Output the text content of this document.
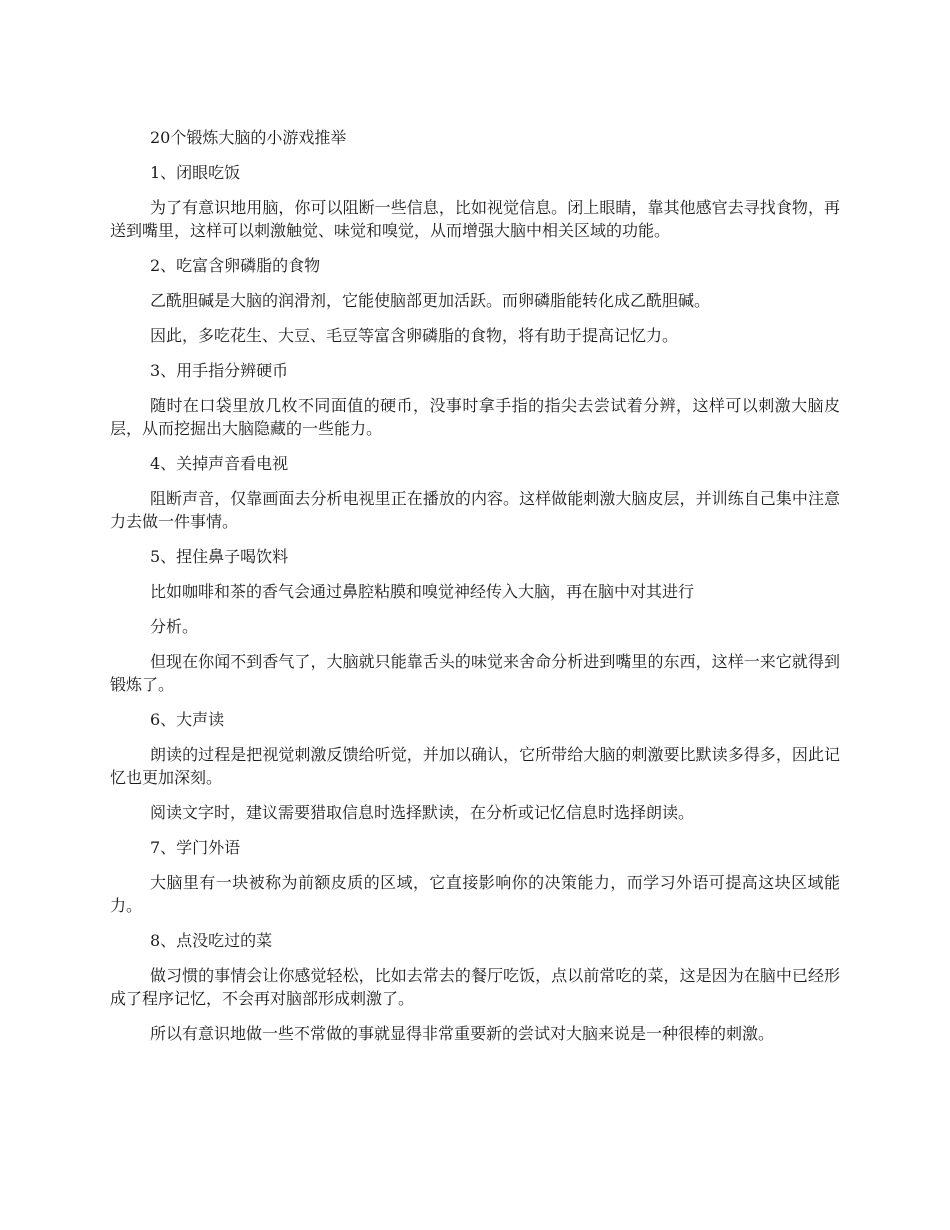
20个锻炼大脑的小游戏推举
1、闭眼吃饭
为了有意识地用脑，你可以阻断一些信息，比如视觉信息。闭上眼睛，靠其他感官去寻找食物，再送到嘴里，这样可以刺激触觉、味觉和嗅觉，从而增强大脑中相关区域的功能。
2、吃富含卵磷脂的食物
乙酰胆碱是大脑的润滑剂，它能使脑部更加活跃。而卵磷脂能转化成乙酰胆碱。
因此，多吃花生、大豆、毛豆等富含卵磷脂的食物，将有助于提高记忆力。
3、用手指分辨硬币
随时在口袋里放几枚不同面值的硬币，没事时拿手指的指尖去尝试着分辨，这样可以刺激大脑皮层，从而挖掘出大脑隐藏的一些能力。
4、关掉声音看电视
阻断声音，仅靠画面去分析电视里正在播放的内容。这样做能刺激大脑皮层，并训练自己集中注意力去做一件事情。
5、捏住鼻子喝饮料
比如咖啡和茶的香气会通过鼻腔粘膜和嗅觉神经传入大脑，再在脑中对其进行
分析。
但现在你闻不到香气了，大脑就只能靠舌头的味觉来舍命分析进到嘴里的东西，这样一来它就得到锻炼了。
6、大声读
朗读的过程是把视觉刺激反馈给听觉，并加以确认，它所带给大脑的刺激要比默读多得多，因此记忆也更加深刻。
阅读文字时，建议需要猎取信息时选择默读，在分析或记忆信息时选择朗读。
7、学门外语
大脑里有一块被称为前额皮质的区域，它直接影响你的决策能力，而学习外语可提高这块区域能力。
8、点没吃过的菜
做习惯的事情会让你感觉轻松，比如去常去的餐厅吃饭，点以前常吃的菜，这是因为在脑中已经形成了程序记忆，不会再对脑部形成刺激了。
所以有意识地做一些不常做的事就显得非常重要新的尝试对大脑来说是一种很棒的刺激。
